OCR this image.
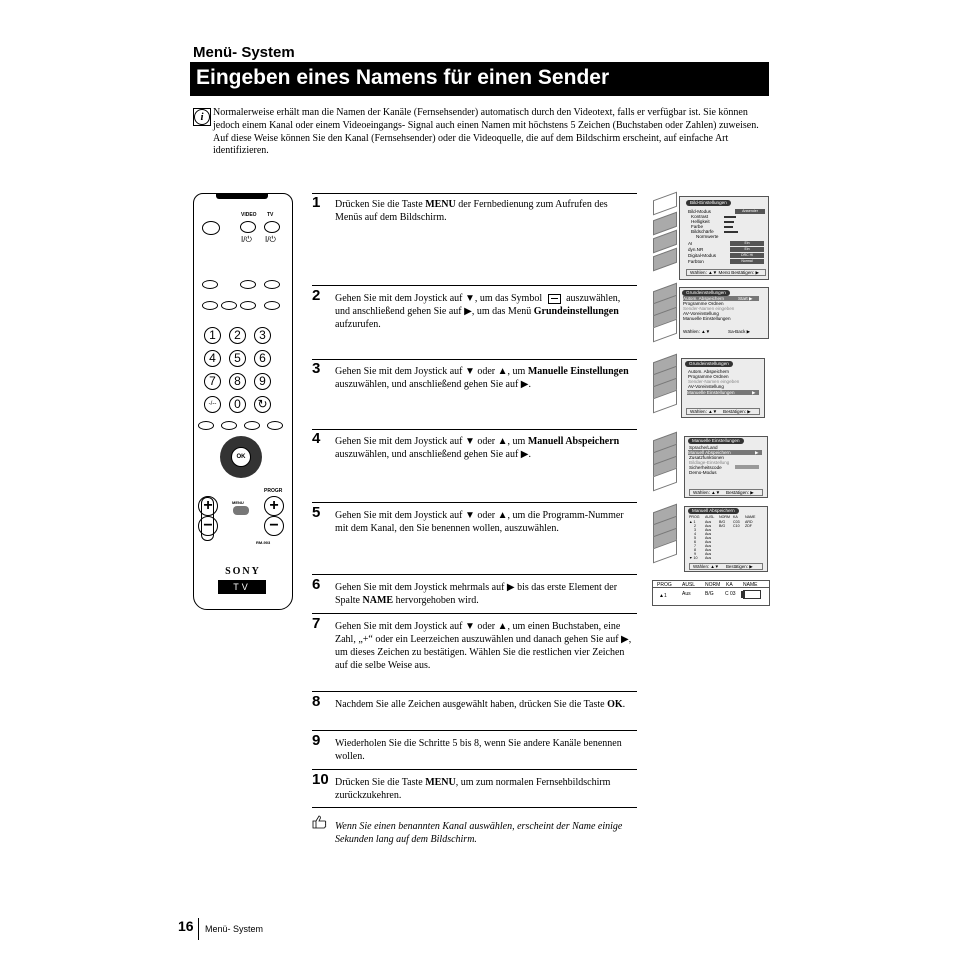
Menü- System
Eingeben eines Namens für einen Sender
i Normalerweise erhält man die Namen der Kanäle (Fernsehsender) automatisch durch den Videotext, falls er verfügbar ist. Sie können jedoch einem Kanal oder einem Videoeingangs- Signal auch einen Namen mit höchstens 5 Zeichen (Buchstaben oder Zahlen) zuweisen. Auf diese Weise können Sie den Kanal (Fernsehsender) oder die Videoquelle, die auf dem Bildschirm erscheint, auf einfache Art identifizieren.
1 Drücken Sie die Taste MENU der Fernbedienung zum Aufrufen des Menüs auf dem Bildschirm.
2 Gehen Sie mit dem Joystick auf ▼, um das Symbol  auszuwählen, und anschließend gehen Sie auf ▶, um das Menü Grundeinstellungen aufzurufen.
3 Gehen Sie mit dem Joystick auf ▼ oder ▲, um Manuelle Einstellungen auszuwählen, und anschließend gehen Sie auf ▶.
4 Gehen Sie mit dem Joystick auf ▼ oder ▲, um Manuell Abspeichern auszuwählen, und anschließend gehen Sie auf ▶.
5 Gehen Sie mit dem Joystick auf ▼ oder ▲, um die Programm-Nummer mit dem Kanal, den Sie benennen wollen, auszuwählen.
6 Gehen Sie mit dem Joystick mehrmals auf ▶ bis das erste Element der Spalte NAME hervorgehoben wird.
7 Gehen Sie mit dem Joystick auf ▼ oder ▲, um einen Buchstaben, eine Zahl, „+“ oder ein Leerzeichen auszuwählen und danach gehen Sie auf ▶, um dieses Zeichen zu bestätigen. Wählen Sie die restlichen vier Zeichen auf die selbe Weise aus.
8 Nachdem Sie alle Zeichen ausgewählt haben, drücken Sie die Taste OK.
9 Wiederholen Sie die Schritte 5 bis 8, wenn Sie andere Kanäle benennen wollen.
10 Drücken Sie die Taste MENU, um zum normalen Fernsehbildschirm zurückzukehren.
Wenn Sie einen benannten Kanal auswählen, erscheint der Name einige Sekunden lang auf dem Bildschirm.
VIDEO TV
I/⏻ I/⏻
1	2	3
4	5	6
7	8	9
-/--	0	↻
OK
PROGR
MENU
+
−
+
−
RM-903
SONY
TV
Bild-Einstellungen
Bild-Modus	Anwender
Kontrast
Helligkeit
Farbe
Bildschärfe
Normwerte
AI	Ein
dyn.NR	Ein
Digital-Modus	DRC Hi
Farbton	Normal
Wählen: ▲▼ Menü Bestätigen: ▶
Grundeinstellungen
Autom. Abspeichern	Start ▶
Programme Ordnen
Sender-Namen eingeben
AV-Voreinstellung
Manuelle Einstellungen
Wählen: ▲▼	Sa-Back ▶
Grundeinstellungen
Autom. Abspeichern
Programme Ordnen
Sender-Namen eingeben
AV-Voreinstellung
Manuelle Einstellungen	▶
Wählen: ▲▼ Bestätigen: ▶
Manuelle Einstellungen
Sprache/Land
Manuell Abspeichern	▶
Zusatzfunktionen
Bildlage-Einstellung
Sicherheitscode
Demo-Modus
Wählen: ▲▼ Bestätigen: ▶
Manuell Abspeichern
PROG AUSL NORM KA NAME
▲ 1	Aus B/G C03 ARD
2	Aus B/G C10 ZDF
3	Aus
4	Aus
5	Aus
6	Aus
7	Aus
8	Aus
9	Aus
▼ 10 Aus
Wählen: ▲▼ Bestätigen: ▶
PROG AUSL NORM KA NAME
▲1	Aus	B/G C 03
16 Menü- System
